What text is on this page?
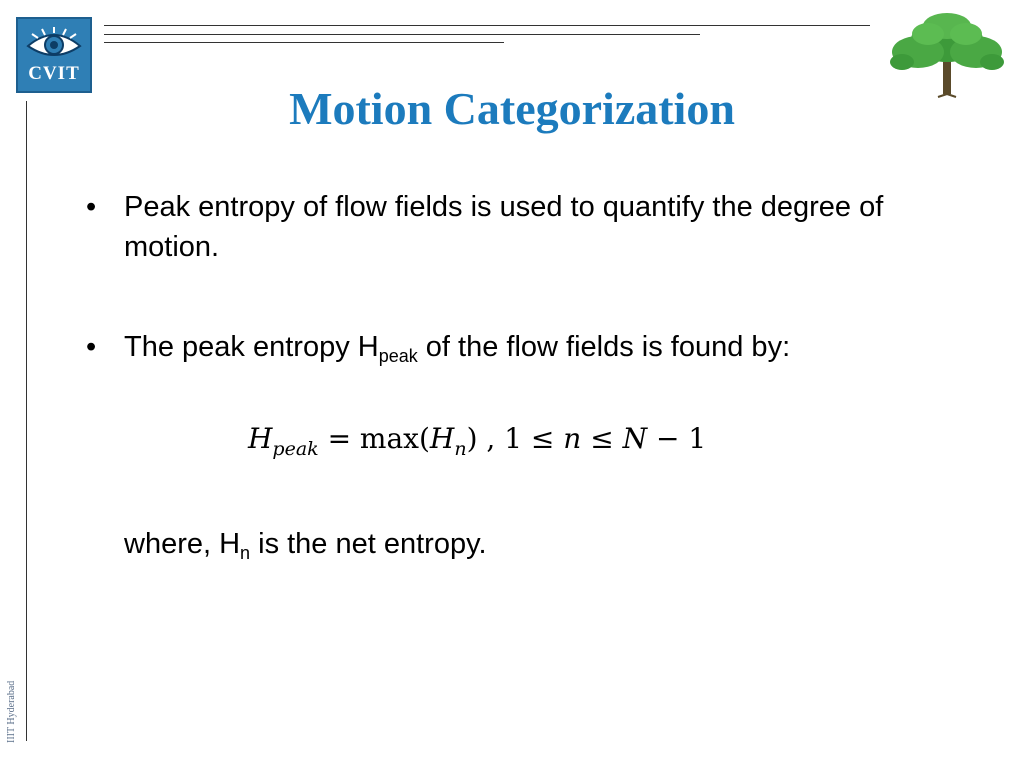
CVIT
IIIT Hyderabad
Motion Categorization
• Peak entropy of flow fields is used to quantify the degree of motion.
• The peak entropy $H_{peak}$ of the flow fields is found by:
$H_{peak} = \max(H_n)$ , 1 ≤ n ≤ N − 1
where, $H_n$ is the net entropy.
